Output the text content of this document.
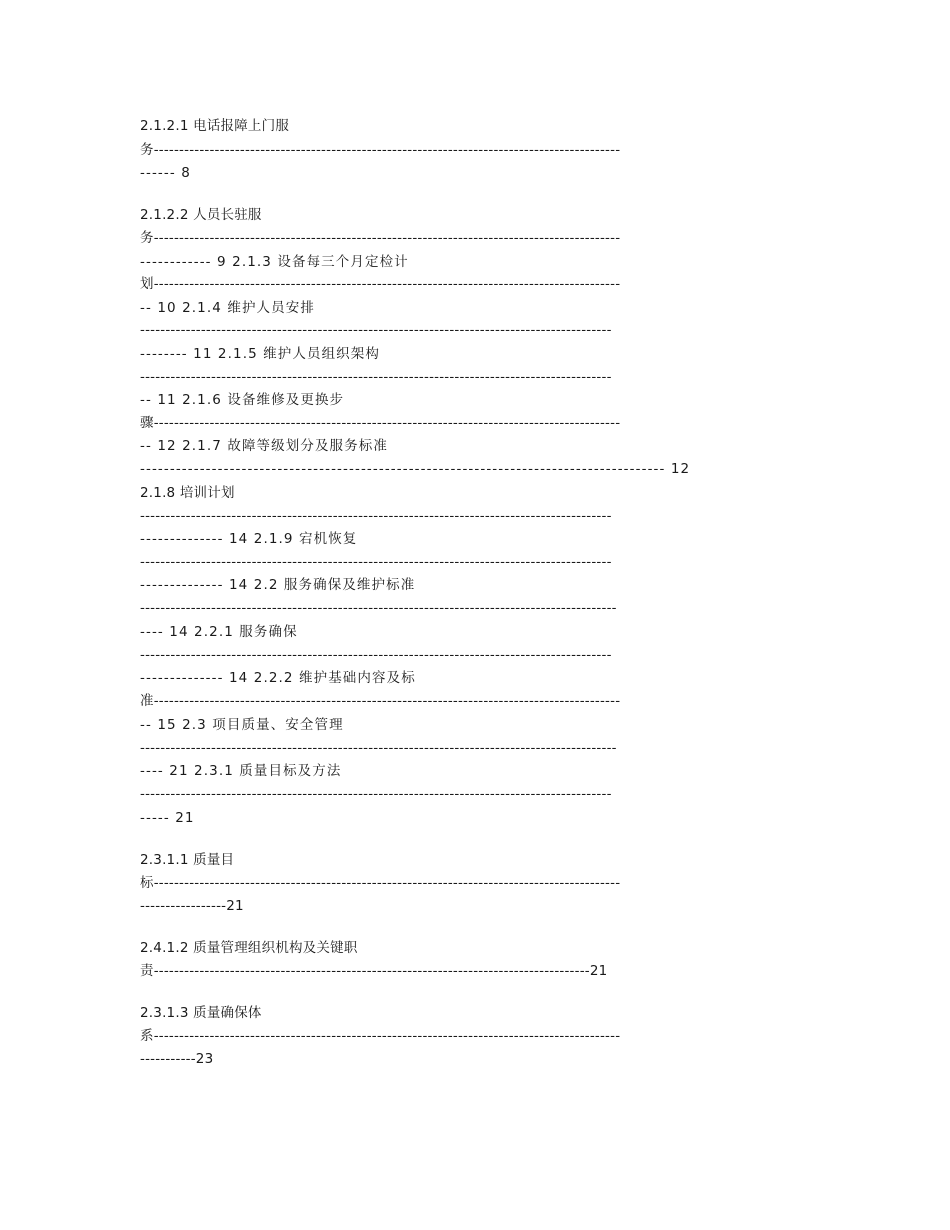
2.1.2.1 电话报障上门服
务--------------------------------------------------------------------------------------------
------ 8
2.1.2.2 人员长驻服
务--------------------------------------------------------------------------------------------
------------ 9 2.1.3 设备每三个月定检计
划--------------------------------------------------------------------------------------------
-- 10 2.1.4 维护人员安排
---------------------------------------------------------------------------------------------
-------- 11 2.1.5 维护人员组织架构
---------------------------------------------------------------------------------------------
-- 11 2.1.6 设备维修及更换步
骤--------------------------------------------------------------------------------------------
-- 12 2.1.7 故障等级划分及服务标准
---------------------------------------------------------------------------------------- 12
2.1.8 培训计划
---------------------------------------------------------------------------------------------
-------------- 14 2.1.9 宕机恢复
---------------------------------------------------------------------------------------------
-------------- 14 2.2 服务确保及维护标准
----------------------------------------------------------------------------------------------
---- 14 2.2.1 服务确保
---------------------------------------------------------------------------------------------
-------------- 14 2.2.2 维护基础内容及标
准--------------------------------------------------------------------------------------------
-- 15 2.3 项目质量、安全管理
----------------------------------------------------------------------------------------------
---- 21 2.3.1 质量目标及方法
---------------------------------------------------------------------------------------------
----- 21
2.3.1.1 质量目
标--------------------------------------------------------------------------------------------
-----------------21
2.4.1.2 质量管理组织机构及关键职
责--------------------------------------------------------------------------------------21
2.3.1.3 质量确保体
系--------------------------------------------------------------------------------------------
-----------23
